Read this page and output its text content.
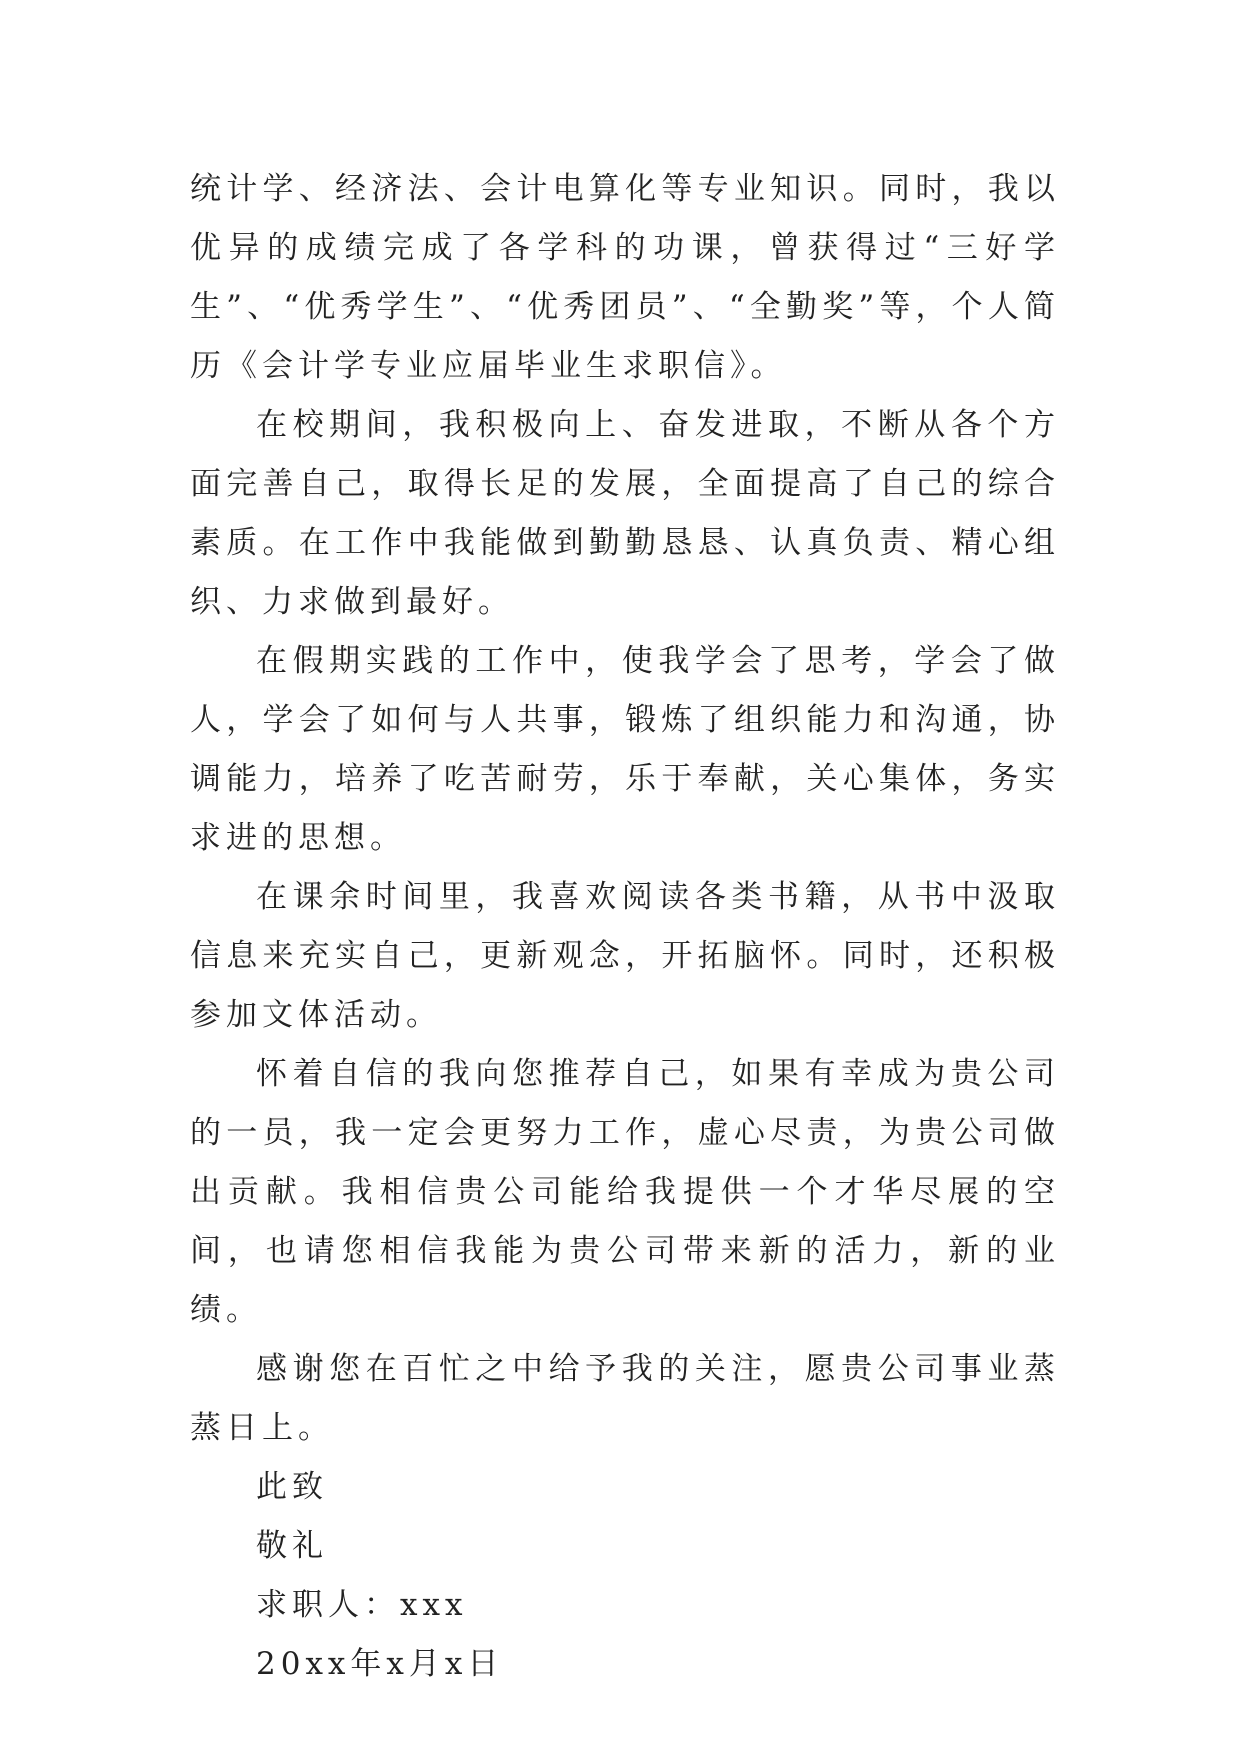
统计学、经济法、会计电算化等专业知识。同时，我以优异的成绩完成了各学科的功课，曾获得过“三好学生”、“优秀学生”、“优秀团员”、“全勤奖”等，个人简历《会计学专业应届毕业生求职信》。

在校期间，我积极向上、奋发进取，不断从各个方面完善自己，取得长足的发展，全面提高了自己的综合素质。在工作中我能做到勤勤恳恳、认真负责、精心组织、力求做到最好。

在假期实践的工作中，使我学会了思考，学会了做人，学会了如何与人共事，锻炼了组织能力和沟通，协调能力，培养了吃苦耐劳，乐于奉献，关心集体，务实求进的思想。

在课余时间里，我喜欢阅读各类书籍，从书中汲取信息来充实自己，更新观念，开拓脑怀。同时，还积极参加文体活动。

怀着自信的我向您推荐自己，如果有幸成为贵公司的一员，我一定会更努力工作，虚心尽责，为贵公司做出贡献。我相信贵公司能给我提供一个才华尽展的空间，也请您相信我能为贵公司带来新的活力，新的业绩。

感谢您在百忙之中给予我的关注，愿贵公司事业蒸蒸日上。

此致

敬礼

求职人：xxx

20xx年x月x日
